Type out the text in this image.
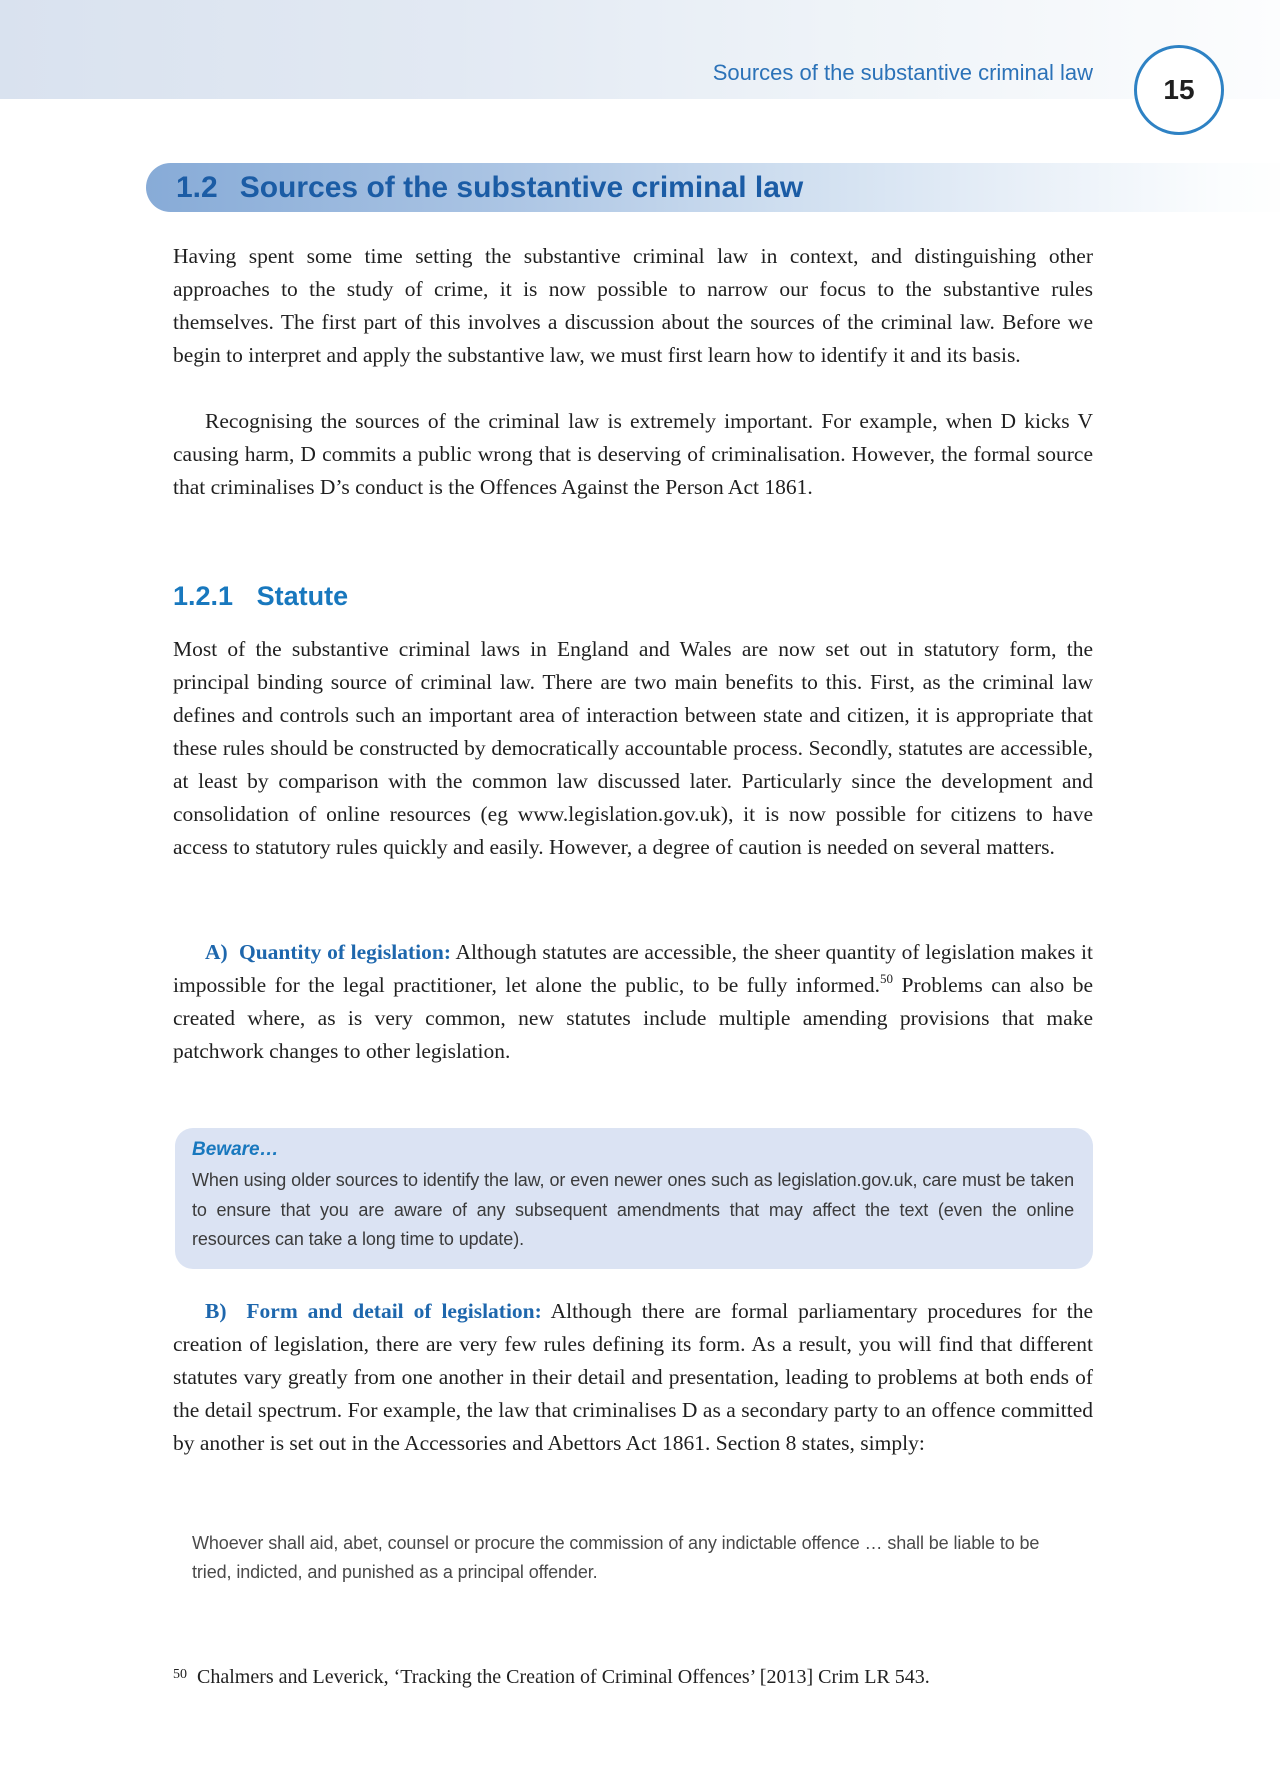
Sources of the substantive criminal law
15
1.2 Sources of the substantive criminal law
Having spent some time setting the substantive criminal law in context, and distinguishing other approaches to the study of crime, it is now possible to narrow our focus to the substantive rules themselves. The first part of this involves a discussion about the sources of the criminal law. Before we begin to interpret and apply the substantive law, we must first learn how to identify it and its basis.
Recognising the sources of the criminal law is extremely important. For example, when D kicks V causing harm, D commits a public wrong that is deserving of criminalisation. However, the formal source that criminalises D’s conduct is the Offences Against the Person Act 1861.
1.2.1 Statute
Most of the substantive criminal laws in England and Wales are now set out in statutory form, the principal binding source of criminal law. There are two main benefits to this. First, as the criminal law defines and controls such an important area of interaction between state and citizen, it is appropriate that these rules should be constructed by democratically accountable process. Secondly, statutes are accessible, at least by comparison with the common law discussed later. Particularly since the development and consolidation of online resources (eg www.legislation.gov.uk), it is now possible for citizens to have access to statutory rules quickly and easily. However, a degree of caution is needed on several matters.
A)  Quantity of legislation: Although statutes are accessible, the sheer quantity of legislation makes it impossible for the legal practitioner, let alone the public, to be fully informed.$^{50}$ Problems can also be created where, as is very common, new statutes include multiple amending provisions that make patchwork changes to other legislation.
Beware…
When using older sources to identify the law, or even newer ones such as legislation.gov.uk, care must be taken to ensure that you are aware of any subsequent amendments that may affect the text (even the online resources can take a long time to update).
B)  Form and detail of legislation: Although there are formal parliamentary procedures for the creation of legislation, there are very few rules defining its form. As a result, you will find that different statutes vary greatly from one another in their detail and presentation, leading to problems at both ends of the detail spectrum. For example, the law that criminalises D as a secondary party to an offence committed by another is set out in the Accessories and Abettors Act 1861. Section 8 states, simply:
Whoever shall aid, abet, counsel or procure the commission of any indictable offence … shall be liable to be tried, indicted, and punished as a principal offender.
$^{50}$ Chalmers and Leverick, ‘Tracking the Creation of Criminal Offences’ [2013] Crim LR 543.
